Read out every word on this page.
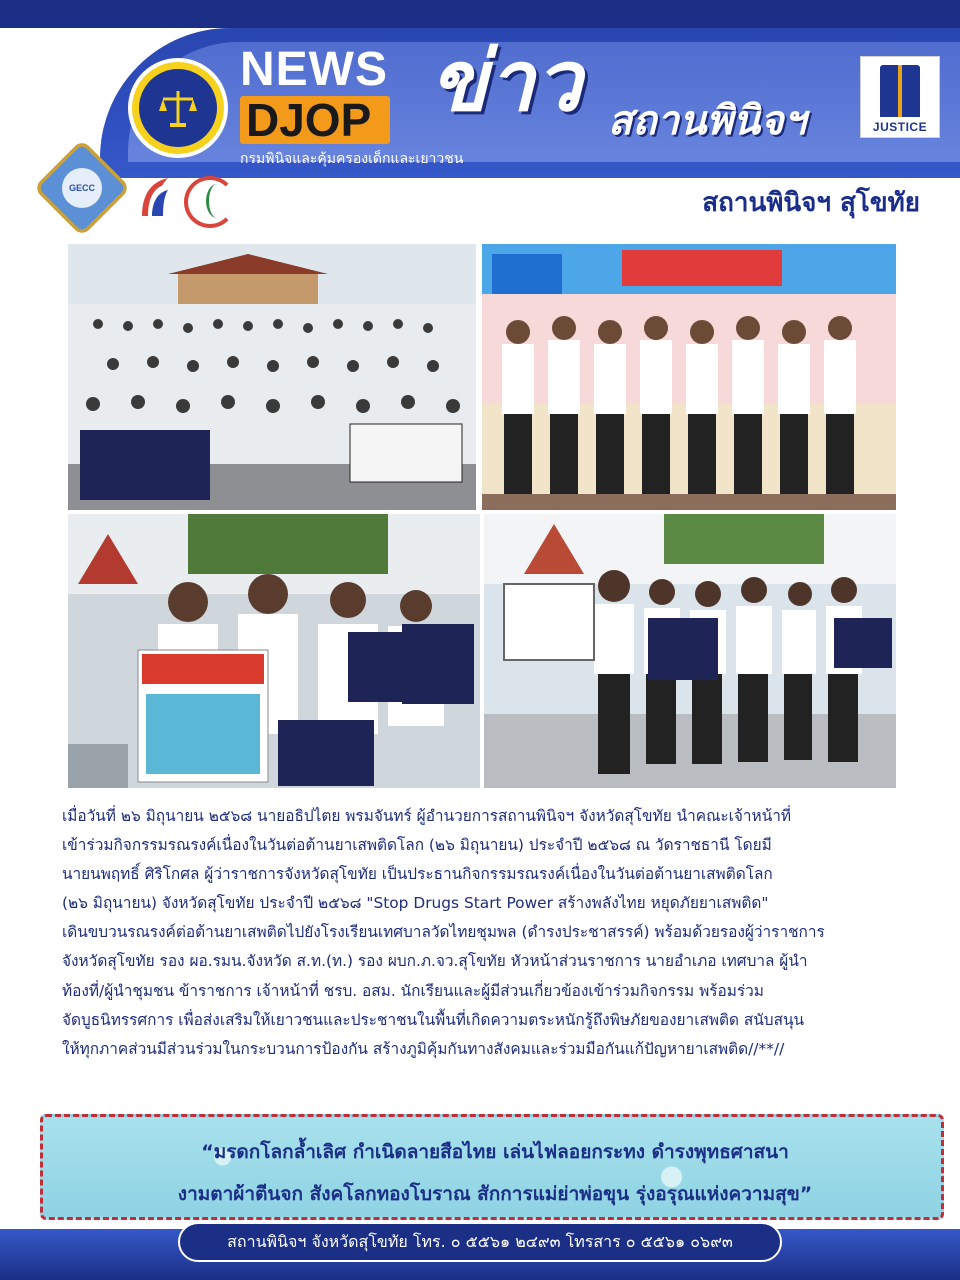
NEWS
DJOP
กรมพินิจและคุ้มครองเด็กและเยาวชน
ข่าว สถานพินิจฯ	JUSTICE
GECC	สถานพินิจฯ สุโขทัย
เมื่อวันที่ ๒๖ มิถุนายน ๒๕๖๘ นายอธิปไตย พรมจันทร์ ผู้อำนวยการสถานพินิจฯ จังหวัดสุโขทัย นำคณะเจ้าหน้าที่
เข้าร่วมกิจกรรมรณรงค์เนื่องในวันต่อต้านยาเสพติดโลก (๒๖ มิถุนายน) ประจำปี ๒๕๖๘ ณ วัดราชธานี โดยมี
นายนพฤทธิ์ ศิริโกศล ผู้ว่าราชการจังหวัดสุโขทัย เป็นประธานกิจกรรมรณรงค์เนื่องในวันต่อต้านยาเสพติดโลก
(๒๖ มิถุนายน) จังหวัดสุโขทัย ประจำปี ๒๕๖๘ "Stop Drugs Start Power สร้างพลังไทย หยุดภัยยาเสพติด"
เดินขบวนรณรงค์ต่อต้านยาเสพติดไปยังโรงเรียนเทศบาลวัดไทยชุมพล (ดำรงประชาสรรค์) พร้อมด้วยรองผู้ว่าราชการ
จังหวัดสุโขทัย รอง ผอ.รมน.จังหวัด ส.ท.(ท.) รอง ผบก.ภ.จว.สุโขทัย หัวหน้าส่วนราชการ นายอำเภอ เทศบาล ผู้นำ
ท้องที่/ผู้นำชุมชน ข้าราชการ เจ้าหน้าที่ ชรบ. อสม. นักเรียนและผู้มีส่วนเกี่ยวข้องเข้าร่วมกิจกรรม พร้อมร่วม
จัดบูธนิทรรศการ เพื่อส่งเสริมให้เยาวชนและประชาชนในพื้นที่เกิดความตระหนักรู้ถึงพิษภัยของยาเสพติด สนับสนุน
ให้ทุกภาคส่วนมีส่วนร่วมในกระบวนการป้องกัน สร้างภูมิคุ้มกันทางสังคมและร่วมมือกันแก้ปัญหายาเสพติด//**//
“มรดกโลกล้ำเลิศ กำเนิดลายสือไทย เล่นไฟลอยกระทง ดำรงพุทธศาสนา
งามตาผ้าตีนจก สังคโลกทองโบราณ สักการแม่ย่าพ่อขุน รุ่งอรุณแห่งความสุข”
สถานพินิจฯ จังหวัดสุโขทัย โทร. ๐ ๕๕๖๑ ๒๔๙๓ โทรสาร ๐ ๕๕๖๑ ๐๖๙๓
